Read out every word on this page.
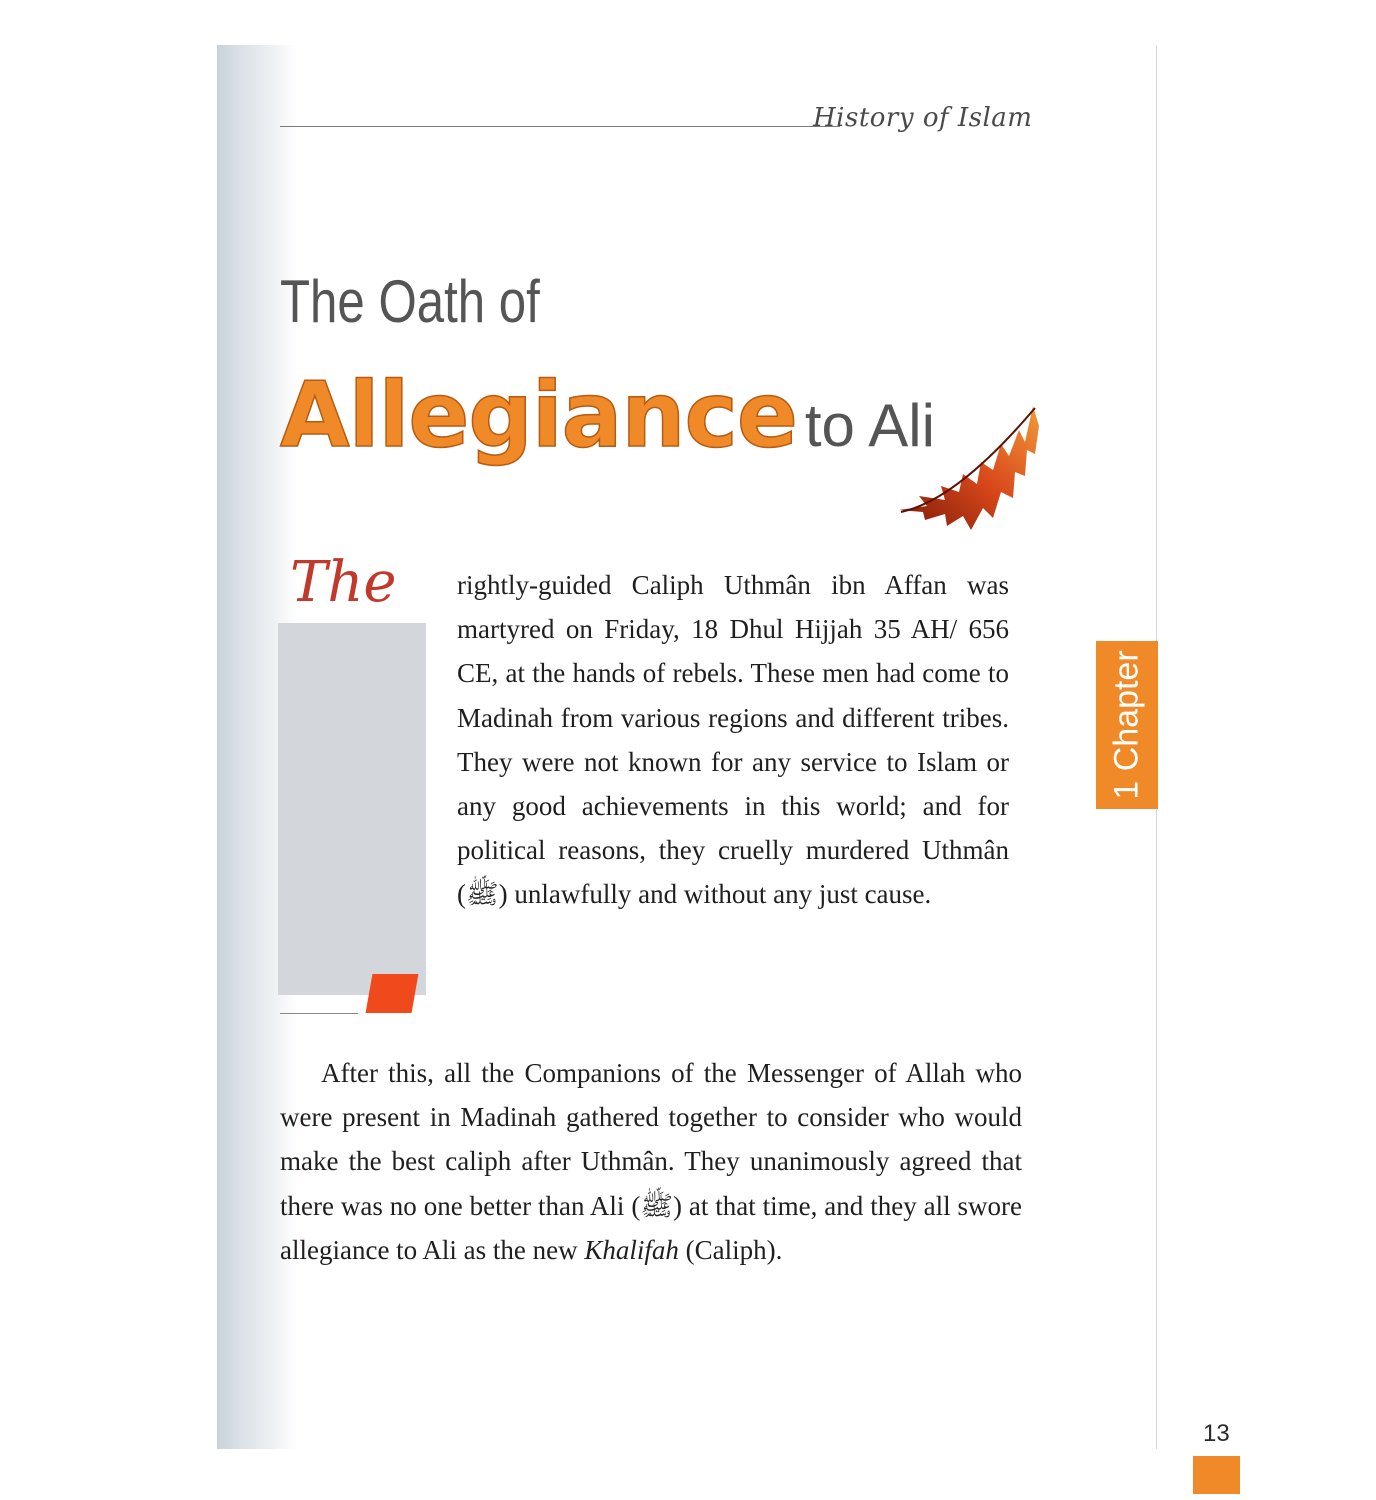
History of Islam
The Oath of
Allegiance to Ali
The rightly-guided Caliph Uthmân ibn Affan was martyred on Friday, 18 Dhul Hijjah 35 AH/ 656 CE, at the hands of rebels. These men had come to Madinah from various regions and different tribes. They were not known for any service to Islam or any good achievements in this world; and for political reasons, they cruelly murdered Uthmân (ﷺ) unlawfully and without any just cause.

After this, all the Companions of the Messenger of Allah who were present in Madinah gathered together to consider who would make the best caliph after Uthmân. They unanimously agreed that there was no one better than Ali (ﷺ) at that time, and they all swore allegiance to Ali as the new Khalifah (Caliph).

13
1 Chapter
